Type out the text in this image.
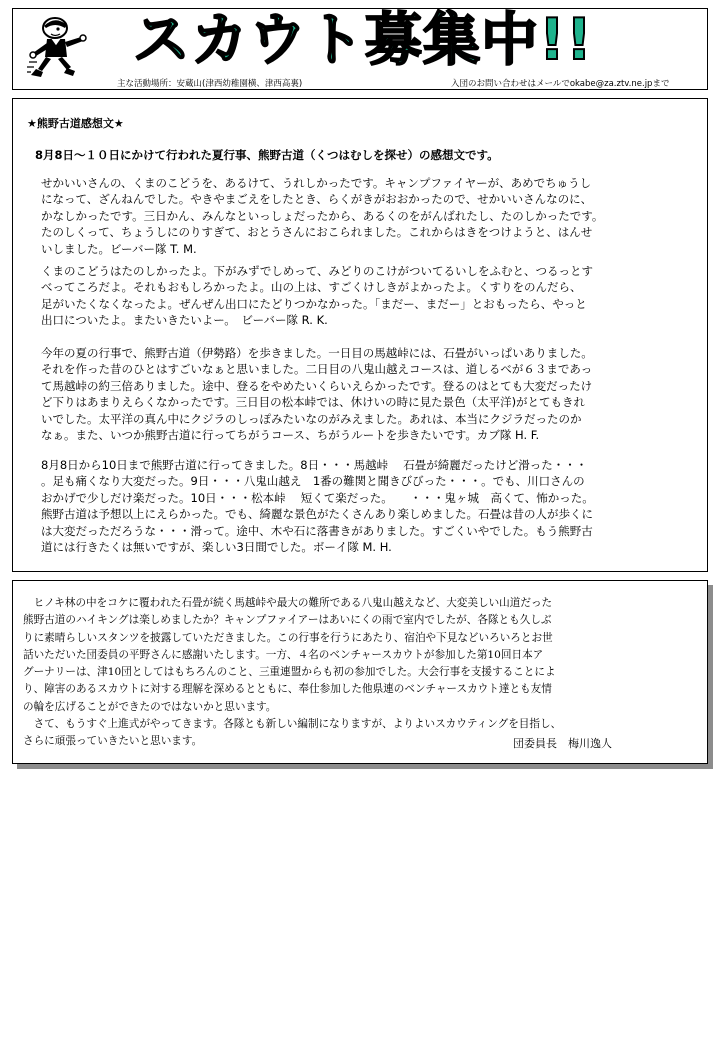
スカウト募集中!!
主な活動場所：安蔵山(津西幼稚園横、津西高裏)	入団のお問い合わせはメールでokabe@za.ztv.ne.jpまで
★熊野古道感想文★
8月8日～１０日にかけて行われた夏行事、熊野古道（くつはむしを探せ）の感想文です。
せかいいさんの、くまのこどうを、あるけて、うれしかったです。キャンプファイヤーが、あめでちゅうし
になって、ざんねんでした。やきやまごえをしたとき、らくがきがおおかったので、せかいいさんなのに、
かなしかったです。三日かん、みんなといっしょだったから、あるくのをがんばれたし、たのしかったです。
たのしくって、ちょうしにのりすぎて、おとうさんにおこられました。これからはきをつけようと、はんせ
いしました。ビーバー隊 T. M.
くまのこどうはたのしかったよ。下がみずでしめって、みどりのこけがついてるいしをふむと、つるっとす
べってころだよ。それもおもしろかったよ。山の上は、すごくけしきがよかったよ。くすりをのんだら、
足がいたくなくなったよ。ぜんぜん出口にたどりつかなかった。「まだー、まだー」とおもったら、やっと
出口についたよ。またいきたいよー。　ビーバー隊 R. K.
今年の夏の行事で、熊野古道（伊勢路）を歩きました。一日目の馬越峠には、石畳がいっぱいありました。
それを作った昔のひとはすごいなぁと思いました。二日目の八鬼山越えコースは、道しるべが６３まであっ
て馬越峠の約三倍ありました。途中、登るをやめたいくらいえらかったです。登るのはとても大変だったけ
ど下りはあまりえらくなかったです。三日目の松本峠では、休けいの時に見た景色（太平洋)がとてもきれ
いでした。太平洋の真ん中にクジラのしっぽみたいなのがみえました。あれは、本当にクジラだったのか
なぁ。また、いつか熊野古道に行ってちがうコース、ちがうルートを歩きたいです。カブ隊 H. F.
8月8日から10日まで熊野古道に行ってきました。8日・・・馬越峠　 石畳が綺麗だったけど滑った・・・
。足も痛くなり大変だった。9日・・・八鬼山越え　1番の難関と聞きびびった・・・。でも、川口さんの
おかげで少しだけ楽だった。10日・・・松本峠　 短くて楽だった。　　・・・鬼ヶ城　高くて、怖かった。
熊野古道は予想以上にえらかった。でも、綺麗な景色がたくさんあり楽しめました。石畳は昔の人が歩くに
は大変だっただろうな・・・滑って。途中、木や石に落書きがありました。すごくいやでした。もう熊野古
道には行きたくは無いですが、楽しい3日間でした。ボーイ隊 M. H.
　ヒノキ林の中をコケに覆われた石畳が続く馬越峠や最大の難所である八鬼山越えなど、大変美しい山道だった
熊野古道のハイキングは楽しめましたか？キャンプファイアーはあいにくの雨で室内でしたが、各隊とも久しぶ
りに素晴らしいスタンツを披露していただきました。この行事を行うにあたり、宿泊や下見などいろいろとお世
話いただいた団委員の平野さんに感謝いたします。一方、４名のベンチャースカウトが参加した第10回日本ア
グーナリーは、津10団としてはもちろんのこと、三重連盟からも初の参加でした。大会行事を支援することによ
り、障害のあるスカウトに対する理解を深めるとともに、奉仕参加した他県連のベンチャースカウト達とも友情
の輪を広げることができたのではないかと思います。
　さて、もうすぐ上進式がやってきます。各隊とも新しい編制になりますが、よりよいスカウティングを目指し、
さらに頑張っていきたいと思います。	団委員長　梅川逸人
